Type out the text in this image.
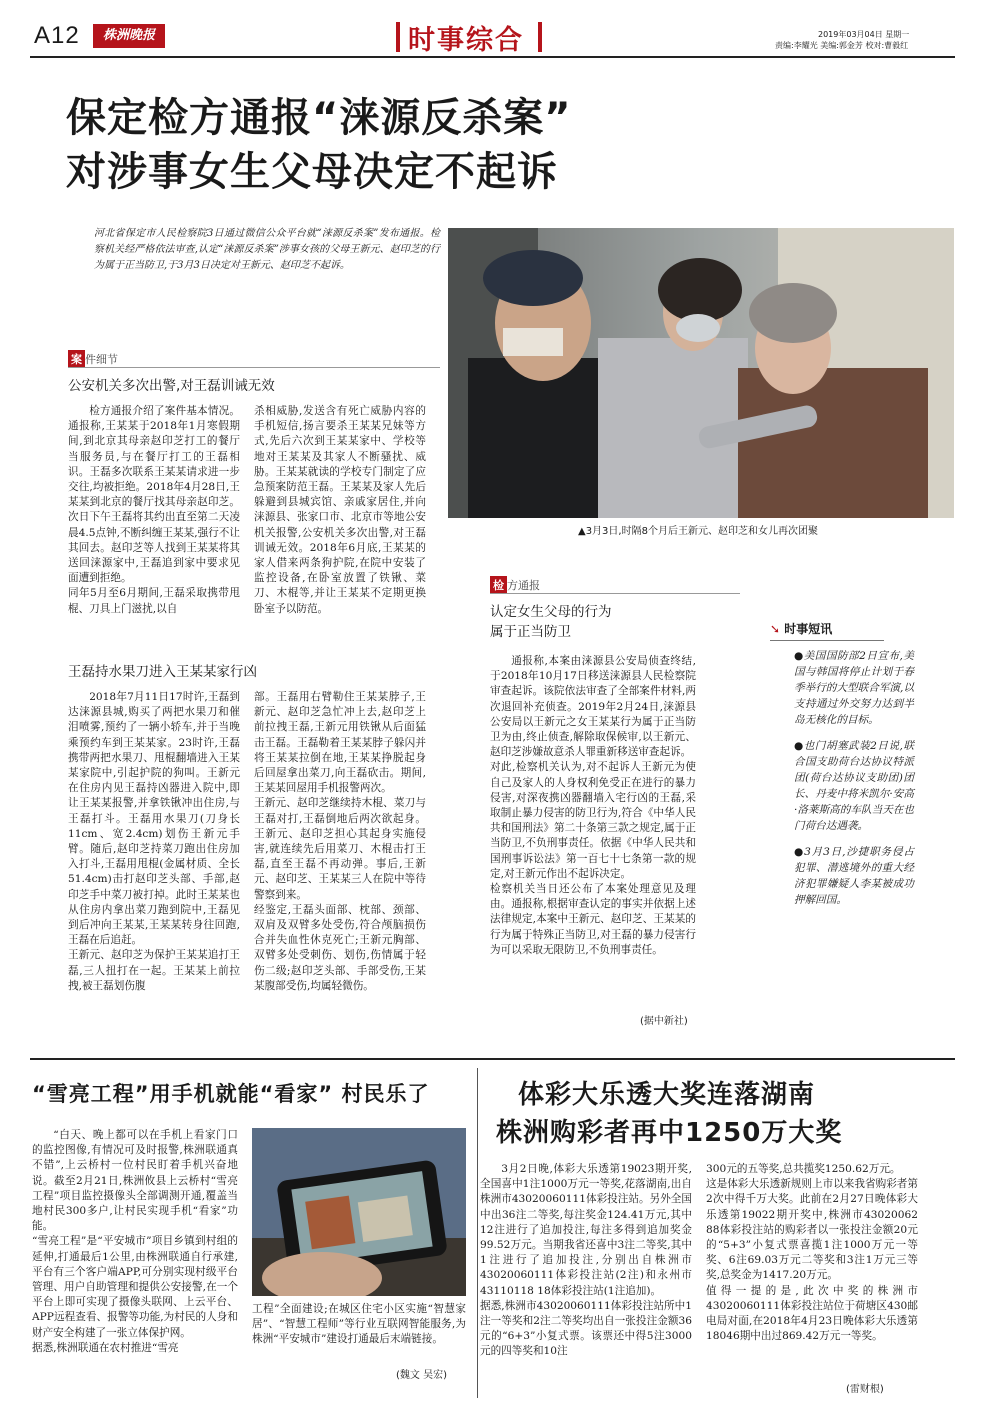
A12	株洲晚报	时事综合	2019年03月04日 星期一
责编:李耀光 美编:郭金芳 校对:曹毅红
保定检方通报“涞源反杀案”
对涉事女生父母决定不起诉
河北省保定市人民检察院3日通过微信公众平台就“涞源反杀案”发布通报。检察机关经严格依法审查,认定“涞源反杀案”涉事女孩的父母王新元、赵印芝的行为属于正当防卫,于3月3日决定对王新元、赵印芝不起诉。
▲3月3日,时隔8个月后王新元、赵印芝和女儿再次团聚
案 件细节
公安机关多次出警,对王磊训诫无效
检方通报介绍了案件基本情况。通报称,王某某于2018年1月寒假期间,到北京其母亲赵印芝打工的餐厅当服务员,与在餐厅打工的王磊相识。王磊多次联系王某某请求进一步交往,均被拒绝。2018年4月28日,王某某到北京的餐厅找其母亲赵印芝。次日下午王磊将其约出直至第二天凌晨4.5点钟,不断纠缠王某某,强行不让其回去。赵印芝等人找到王某某将其送回涞源家中,王磊追到家中要求见面遭到拒绝。
同年5月至6月期间,王磊采取携带甩棍、刀具上门滋扰,以自
杀相威胁,发送含有死亡威胁内容的手机短信,扬言要杀王某某兄妹等方式,先后六次到王某某家中、学校等地对王某某及其家人不断骚扰、威胁。王某某就读的学校专门制定了应急预案防范王磊。王某某及家人先后躲避到县城宾馆、亲戚家居住,并向涞源县、张家口市、北京市等地公安机关报警,公安机关多次出警,对王磊训诫无效。2018年6月底,王某某的家人借来两条狗护院,在院中安装了监控设备,在卧室放置了铁锹、菜刀、木棍等,并让王某某不定期更换卧室予以防范。
王磊持水果刀进入王某某家行凶
2018年7月11日17时许,王磊到达涞源县城,购买了两把水果刀和催泪喷雾,预约了一辆小轿车,并于当晚乘预约车到王某某家。23时许,王磊携带两把水果刀、甩棍翻墙进入王某某家院中,引起护院的狗叫。王新元在住房内见王磊持凶器进入院中,即让王某某报警,并拿铁锹冲出住房,与王磊打斗。王磊用水果刀(刀身长11cm、宽2.4cm)划伤王新元手臂。随后,赵印芝持菜刀跑出住房加入打斗,王磊用甩棍(金属材质、全长51.4cm)击打赵印芝头部、手部,赵印芝手中菜刀被打掉。此时王某某也从住房内拿出菜刀跑到院中,王磊见到后冲向王某某,王某某转身往回跑,王磊在后追赶。
王新元、赵印芝为保护王某某追打王磊,三人扭打在一起。王某某上前拉拽,被王磊划伤腹
部。王磊用右臂勒住王某某脖子,王新元、赵印芝急忙冲上去,赵印芝上前拉拽王磊,王新元用铁锹从后面猛击王磊。王磊勒着王某某脖子躲闪并将王某某拉倒在地,王某某挣脱起身后回屋拿出菜刀,向王磊砍击。期间,王某某回屋用手机报警两次。
王新元、赵印芝继续持木棍、菜刀与王磊对打,王磊倒地后两次欲起身。王新元、赵印芝担心其起身实施侵害,就连续先后用菜刀、木棍击打王磊,直至王磊不再动弹。事后,王新元、赵印芝、王某某三人在院中等待警察到来。
经鉴定,王磊头面部、枕部、颈部、双肩及双臂多处受伤,符合颅脑损伤合并失血性休克死亡;王新元胸部、双臂多处受刺伤、划伤,伤情属于轻伤二级;赵印芝头部、手部受伤,王某某腹部受伤,均属轻微伤。
检 方通报
认定女生父母的行为
属于正当防卫
通报称,本案由涞源县公安局侦查终结,于2018年10月17日移送涞源县人民检察院审查起诉。该院依法审查了全部案件材料,两次退回补充侦查。2019年2月24日,涞源县公安局以王新元之女王某某行为属于正当防卫为由,终止侦查,解除取保候审,以王新元、赵印芝涉嫌故意杀人罪重新移送审查起诉。
对此,检察机关认为,对不起诉人王新元为使自己及家人的人身权利免受正在进行的暴力侵害,对深夜携凶器翻墙入宅行凶的王磊,采取制止暴力侵害的防卫行为,符合《中华人民共和国刑法》第二十条第三款之规定,属于正当防卫,不负刑事责任。依据《中华人民共和国刑事诉讼法》第一百七十七条第一款的规定,对王新元作出不起诉决定。
检察机关当日还公布了本案处理意见及理由。通报称,根据审查认定的事实并依据上述法律规定,本案中王新元、赵印芝、王某某的行为属于特殊正当防卫,对王磊的暴力侵害行为可以采取无限防卫,不负刑事责任。
(据中新社)
➘ 时事短讯
●美国国防部2日宣布,美国与韩国将停止计划于春季举行的大型联合军演,以支持通过外交努力达到半岛无核化的目标。
●也门胡塞武装2日说,联合国支助荷台达协议特派团(荷台达协议支助团)团长、丹麦中将米凯尔·安高·洛莱斯高的车队当天在也门荷台达遇袭。
●3月3日,沙捷职务侵占犯罪、潜逃境外的重大经济犯罪嫌疑人李某被成功押解回国。
“雪亮工程”用手机就能“看家” 村民乐了
“白天、晚上都可以在手机上看家门口的监控图像,有情况可及时报警,株洲联通真不错”,上云桥村一位村民盯着手机兴奋地说。截至2月21日,株洲攸县上云桥村“雪亮工程”项目监控摄像头全部调测开通,覆盖当地村民300多户,让村民实现手机“看家”功能。
“雪亮工程”是“平安城市”项目乡镇到村组的延伸,打通最后1公里,由株洲联通自行承建,平台有三个客户端APP,可分别实现村级平台管理、用户自助管理和提供公安接警,在一个平台上即可实现了摄像头联网、上云平台、APP远程查看、报警等功能,为村民的人身和财产安全构建了一张立体保护网。
据悉,株洲联通在农村推进“雪亮
工程”全面建设;在城区住宅小区实施“智慧家居”、“智慧工程师”等行业互联网智能服务,为株洲“平安城市”建设打通最后末端链接。
(魏文 吴宏)
体彩大乐透大奖连落湖南
株洲购彩者再中1250万大奖
3月2日晚,体彩大乐透第19023期开奖,全国喜中1注1000万元一等奖,花落湖南,出自株洲市43020060111体彩投注站。另外全国中出36注二等奖,每注奖金124.41万元,其中12注进行了追加投注,每注多得到追加奖金99.52万元。当期我省还喜中3注二等奖,其中1注进行了追加投注,分别出自株洲市43020060111体彩投注站(2注)和永州市43110118 18体彩投注站(1注追加)。
据悉,株洲市43020060111体彩投注站所中1注一等奖和2注二等奖均出自一张投注金额36元的“6+3”小复式票。该票还中得5注3000元的四等奖和10注
300元的五等奖,总共揽奖1250.62万元。
这是体彩大乐透新规则上市以来我省购彩者第2次中得千万大奖。此前在2月27日晚体彩大乐透第19022期开奖中,株洲市43020062 88体彩投注站的购彩者以一张投注金额20元的“5+3”小复式票喜揽1注1000万元一等奖、6注69.03万元二等奖和3注1万元三等奖,总奖金为1417.20万元。
值得一提的是,此次中奖的株洲市43020060111体彩投注站位于荷塘区430邮电局对面,在2018年4月23日晚体彩大乐透第18046期中出过869.42万元一等奖。
(雷财根)
